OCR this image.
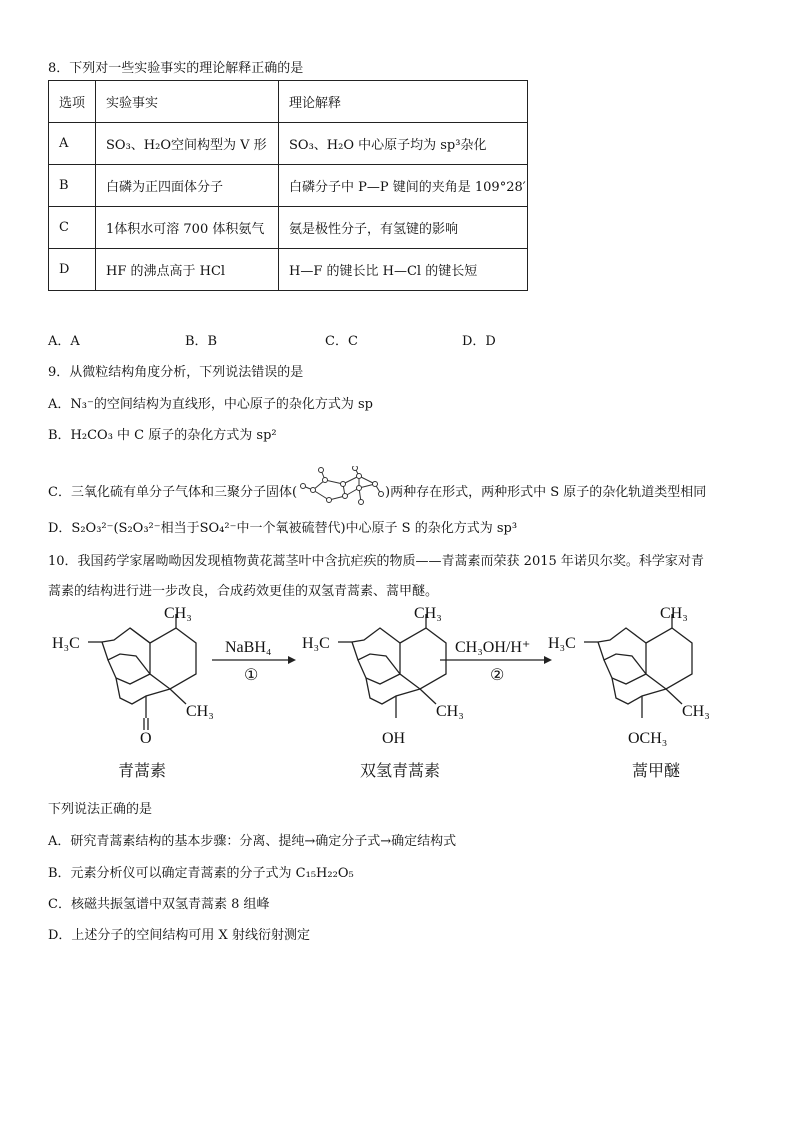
8．下列对一些实验事实的理论解释正确的是
选项	实验事实	理论解释
A	SO₃、H₂O空间构型为 V 形	SO₃、H₂O 中心原子均为 sp³杂化
B	白磷为正四面体分子	白磷分子中 P—P 键间的夹角是 109°28′
C	1体积水可溶 700 体积氨气	氨是极性分子，有氢键的影响
D	HF 的沸点高于 HCl	H—F 的键长比 H—Cl 的键长短
A．A	B．B	C．C	D．D
9．从微粒结构角度分析，下列说法错误的是
A．N₃⁻的空间结构为直线形，中心原子的杂化方式为 sp
B．H₂CO₃ 中 C 原子的杂化方式为 sp²
C．三氧化硫有单分子气体和三聚分子固体(	)两种存在形式，两种形式中 S 原子的杂化轨道类型相同
D．S₂O₃²⁻(S₂O₃²⁻相当于SO₄²⁻中一个氧被硫替代)中心原子 S 的杂化方式为 sp³
10．我国药学家屠呦呦因发现植物黄花蒿茎叶中含抗疟疾的物质——青蒿素而荣获 2015 年诺贝尔奖。科学家对青
蒿素的结构进行进一步改良，合成药效更佳的双氢青蒿素、蒿甲醚。
CH₃
H₃C
CH₃
O
NaBH₄
①
CH₃
H₃C
CH₃
OH
CH₃OH/H⁺
②
CH₃
H₃C
CH₃
OCH₃
青蒿素	双氢青蒿素	蒿甲醚
下列说法正确的是
A．研究青蒿素结构的基本步骤：分离、提纯→确定分子式→确定结构式
B．元素分析仪可以确定青蒿素的分子式为 C₁₅H₂₂O₅
C．核磁共振氢谱中双氢青蒿素 8 组峰
D．上述分子的空间结构可用 X 射线衍射测定
